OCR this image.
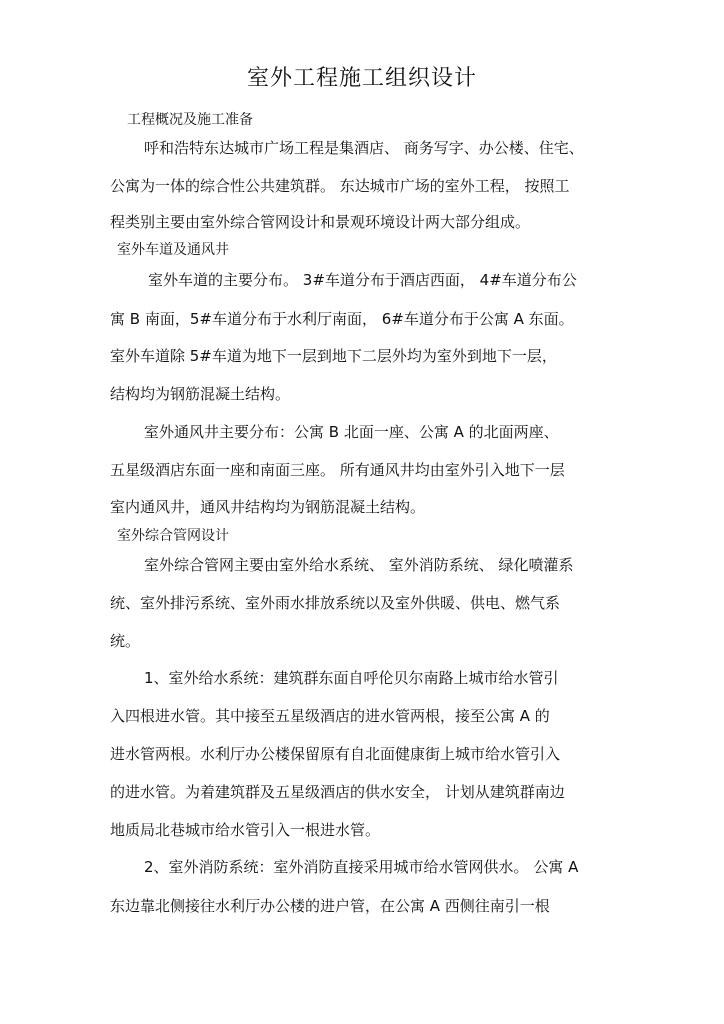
室外工程施工组织设计
工程概况及施工准备
呼和浩特东达城市广场工程是集酒店、 商务写字、办公楼、住宅、
公寓为一体的综合性公共建筑群。 东达城市广场的室外工程， 按照工
程类别主要由室外综合管网设计和景观环境设计两大部分组成。
室外车道及通风井
室外车道的主要分布。 3#车道分布于酒店西面， 4#车道分布公
寓 B 南面，5#车道分布于水利厅南面， 6#车道分布于公寓 A 东面。
室外车道除 5#车道为地下一层到地下二层外均为室外到地下一层，
结构均为钢筋混凝土结构。
室外通风井主要分布：公寓 B 北面一座、公寓 A 的北面两座、
五星级酒店东面一座和南面三座。 所有通风井均由室外引入地下一层
室内通风井，通风井结构均为钢筋混凝土结构。
室外综合管网设计
室外综合管网主要由室外给水系统、 室外消防系统、 绿化喷灌系
统、室外排污系统、室外雨水排放系统以及室外供暖、供电、燃气系
统。
1、室外给水系统：建筑群东面自呼伦贝尔南路上城市给水管引
入四根进水管。其中接至五星级酒店的进水管两根，接至公寓 A 的
进水管两根。水利厅办公楼保留原有自北面健康街上城市给水管引入
的进水管。为着建筑群及五星级酒店的供水安全， 计划从建筑群南边
地质局北巷城市给水管引入一根进水管。
2、室外消防系统：室外消防直接采用城市给水管网供水。 公寓 A
东边靠北侧接往水利厅办公楼的进户管，在公寓 A 西侧往南引一根
